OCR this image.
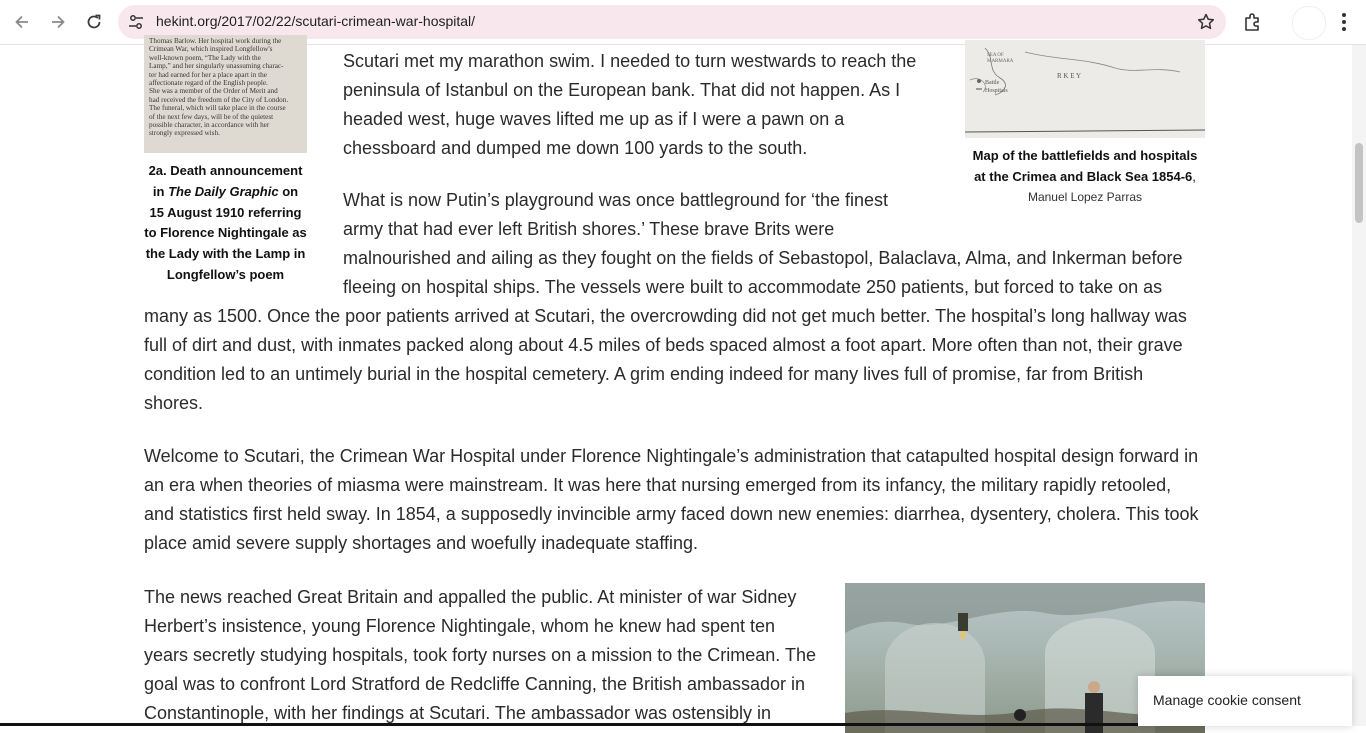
hekint.org/2017/02/22/scutari-crimean-war-hospital/

Thomas Barlow. Her hospital work during the

Crimean War, which inspired Longfellow's

well-known poem, “The Lady with the

Lamp,” and her singularly unassuming charac-

ter had earned for her a place apart in the

affectionate regard of the English people.

She was a member of the Order of Merit and

had received the freedom of the City of London.

The funeral, which will take place in the course

of the next few days, will be of the quietest

possible character, in accordance with her

strongly expressed wish.

2a. Death announcement in The Daily Graphic on 15 August 1910 referring to Florence Nightingale as the Lady with the Lamp in Longfellow’s poem
SEA OF
MARMARA
R K E Y
Battle
Hospitals
Map of the battlefields and hospitals
at the Crimea and Black Sea 1854-6,
Manuel Lopez Parras

Scutari met my marathon swim. I needed to turn westwards to reach the
peninsula of Istanbul on the European bank. That did not happen. As I
headed west, huge waves lifted me up as if I were a pawn on a
chessboard and dumped me down 100 yards to the south.

What is now Putin’s playground was once battleground for ‘the finest
army that had ever left British shores.’ These brave Brits were
malnourished and ailing as they fought on the fields of Sebastopol, Balaclava, Alma, and Inkerman before
fleeing on hospital ships. The vessels were built to accommodate 250 patients, but forced to take on as

many as 1500. Once the poor patients arrived at Scutari, the overcrowding did not get much better. The hospital’s long hallway was
full of dirt and dust, with inmates packed along about 4.5 miles of beds spaced almost a foot apart. More often than not, their grave
condition led to an untimely burial in the hospital cemetery. A grim ending indeed for many lives full of promise, far from British
shores.

Welcome to Scutari, the Crimean War Hospital under Florence Nightingale’s administration that catapulted hospital design forward in
an era when theories of miasma were mainstream. It was here that nursing emerged from its infancy, the military rapidly retooled,
and statistics first held sway. In 1854, a supposedly invincible army faced down new enemies: diarrhea, dysentery, cholera. This took
place amid severe supply shortages and woefully inadequate staffing.

The news reached Great Britain and appalled the public. At minister of war Sidney
Herbert’s insistence, young Florence Nightingale, whom he knew had spent ten
years secretly studying hospitals, took forty nurses on a mission to the Crimean. The
goal was to confront Lord Stratford de Redcliffe Canning, the British ambassador in
Constantinople, with her findings at Scutari. The ambassador was ostensibly in

Manage cookie consent
